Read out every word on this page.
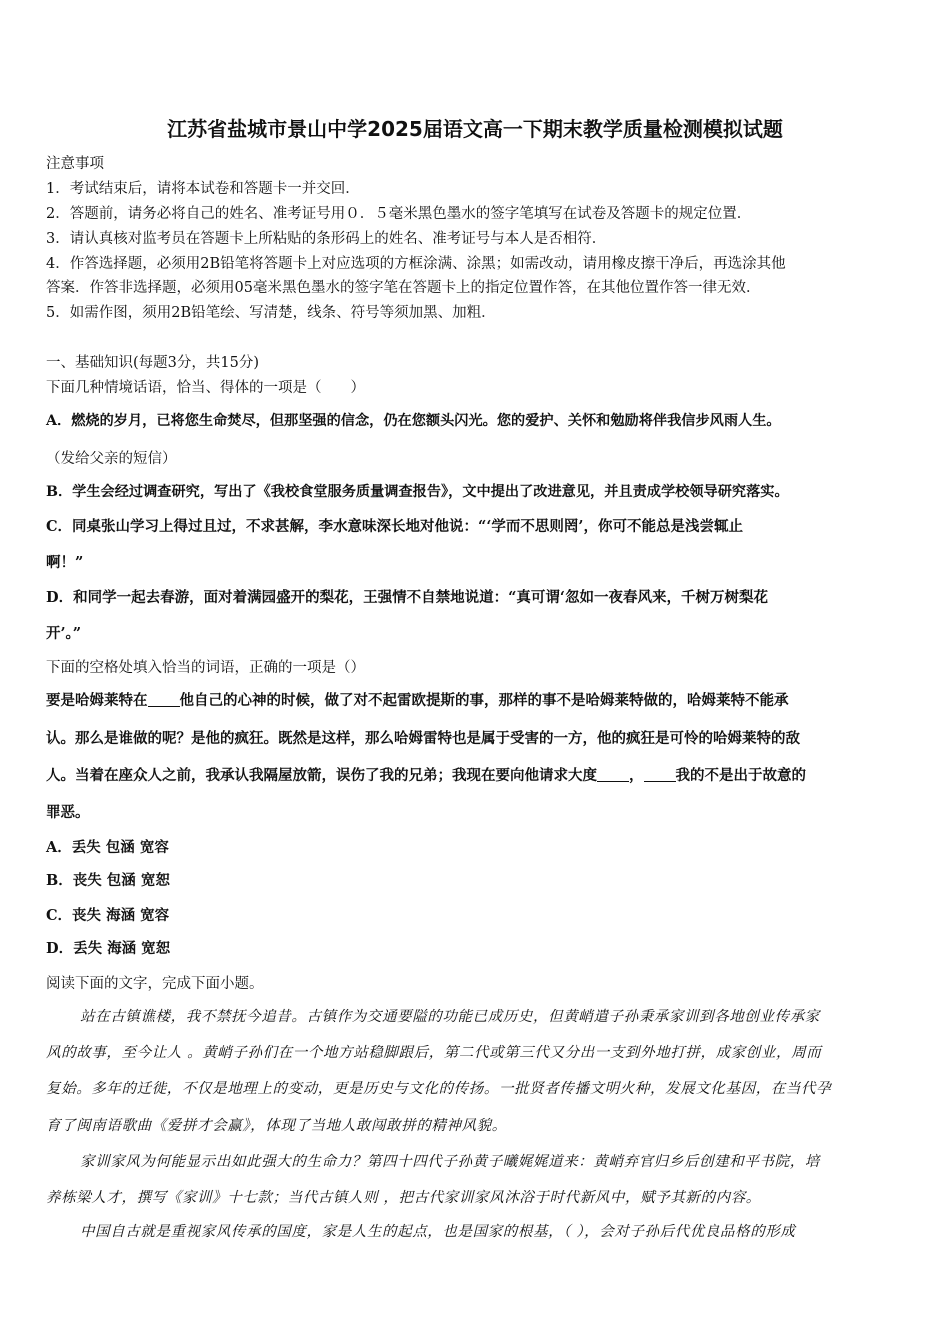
江苏省盐城市景山中学2025届语文高一下期末教学质量检测模拟试题
注意事项
1．考试结束后，请将本试卷和答题卡一并交回．
2．答题前，请务必将自己的姓名、准考证号用０．５毫米黑色墨水的签字笔填写在试卷及答题卡的规定位置．
3．请认真核对监考员在答题卡上所粘贴的条形码上的姓名、准考证号与本人是否相符．
4．作答选择题，必须用2B铅笔将答题卡上对应选项的方框涂满、涂黑；如需改动，请用橡皮擦干净后，再选涂其他
答案．作答非选择题，必须用05毫米黑色墨水的签字笔在答题卡上的指定位置作答，在其他位置作答一律无效．
5．如需作图，须用2B铅笔绘、写清楚，线条、符号等须加黑、加粗．
一、基础知识(每题3分，共15分)
下面几种情境话语，恰当、得体的一项是（　　）
A．燃烧的岁月，已将您生命焚尽，但那坚强的信念，仍在您额头闪光。您的爱护、关怀和勉励将伴我信步风雨人生。
（发给父亲的短信）
B．学生会经过调查研究，写出了《我校食堂服务质量调查报告》，文中提出了改进意见，并且责成学校领导研究落实。
C．同桌张山学习上得过且过，不求甚解，李水意味深长地对他说：“‘学而不思则罔’，你可不能总是浅尝辄止
啊！”
D．和同学一起去春游，面对着满园盛开的梨花，王强情不自禁地说道：“真可谓‘忽如一夜春风来，千树万树梨花
开’。”
下面的空格处填入恰当的词语，正确的一项是（）
要是哈姆莱特在 他自己的心神的时候，做了对不起雷欧提斯的事，那样的事不是哈姆莱特做的，哈姆莱特不能承
认。那么是谁做的呢？是他的疯狂。既然是这样，那么哈姆雷特也是属于受害的一方，他的疯狂是可怜的哈姆莱特的敌
人。当着在座众人之前，我承认我隔屋放箭，误伤了我的兄弟；我现在要向他请求大度 ， 我的不是出于故意的
罪恶。
A．丢失 包涵 宽容
B．丧失 包涵 宽恕
C．丧失 海涵 宽容
D．丢失 海涵 宽恕
阅读下面的文字，完成下面小题。
站在古镇谯楼，我不禁抚今追昔。古镇作为交通要隘的功能已成历史，但黄峭遣子孙秉承家训到各地创业传承家
风的故事，至今让人 。黄峭子孙们在一个地方站稳脚跟后，第二代或第三代又分出一支到外地打拼，成家创业，周而
复始。多年的迁徙，不仅是地理上的变动，更是历史与文化的传扬。一批贤者传播文明火种，发展文化基因，在当代孕
育了闽南语歌曲《爱拼才会赢》，体现了当地人敢闯敢拼的精神风貌。
家训家风为何能显示出如此强大的生命力？第四十四代子孙黄子曦娓娓道来：黄峭弃官归乡后创建和平书院，培
养栋梁人才，撰写《家训》十七款；当代古镇人则 ，把古代家训家风沐浴于时代新风中，赋予其新的内容。
中国自古就是重视家风传承的国度，家是人生的起点，也是国家的根基，（ ），会对子孙后代优良品格的形成
